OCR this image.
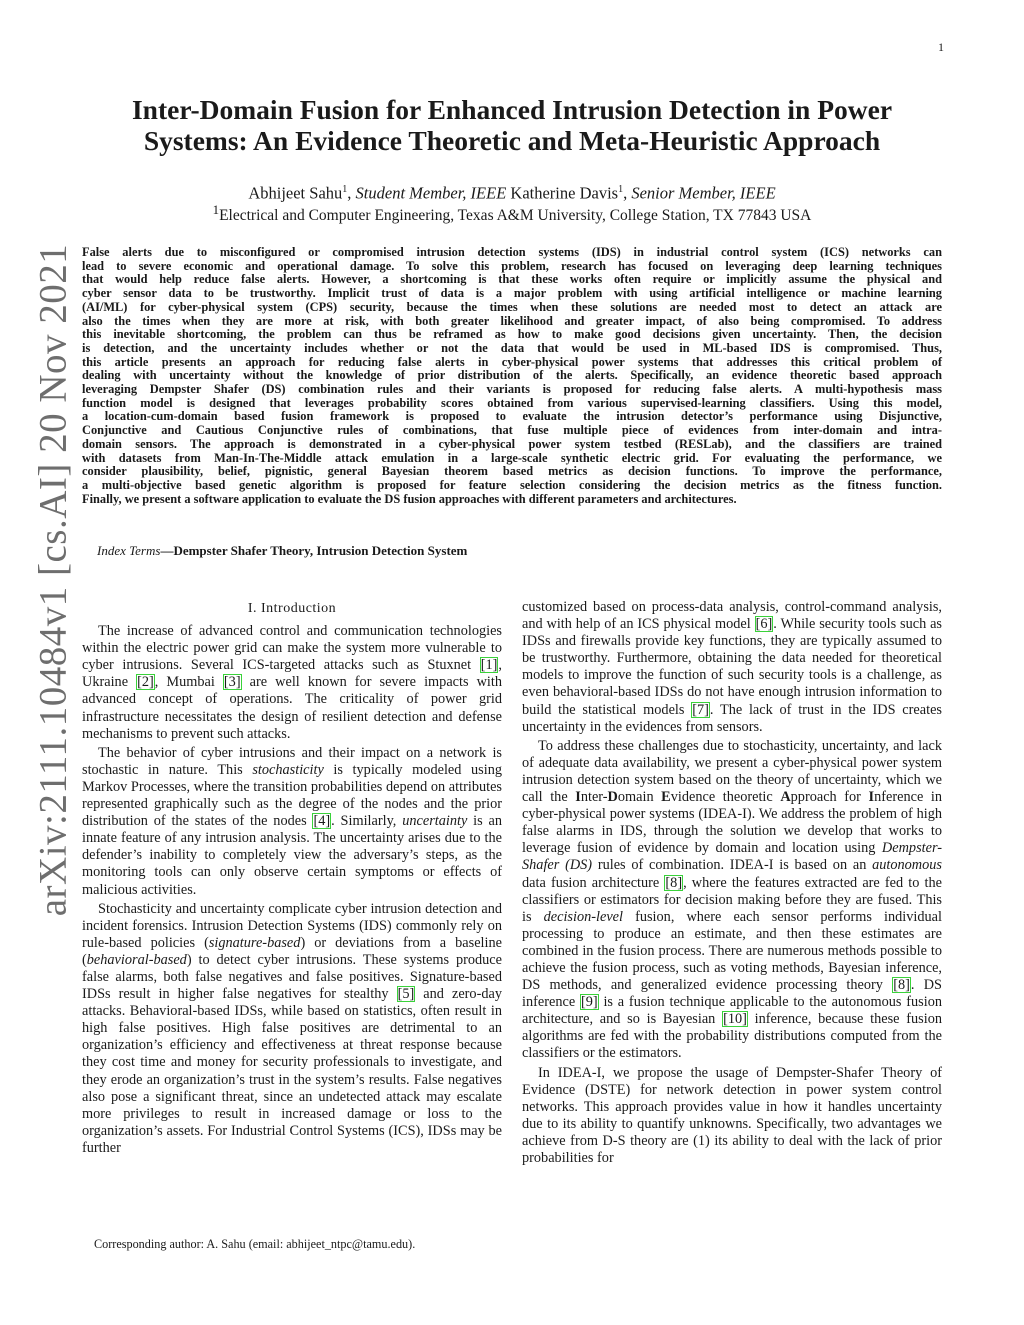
1
arXiv:2111.10484v1 [cs.AI] 20 Nov 2021
Inter-Domain Fusion for Enhanced Intrusion Detection in Power
Systems: An Evidence Theoretic and Meta-Heuristic Approach
Abhijeet Sahu$^1$, Student Member, IEEE Katherine Davis$^1$, Senior Member, IEEE
$^1$Electrical and Computer Engineering, Texas A&M University, College Station, TX 77843 USA
False alerts due to misconfigured or compromised intrusion detection systems (IDS) in industrial control system (ICS) networks can
lead to severe economic and operational damage. To solve this problem, research has focused on leveraging deep learning techniques
that would help reduce false alerts. However, a shortcoming is that these works often require or implicitly assume the physical and
cyber sensor data to be trustworthy. Implicit trust of data is a major problem with using artificial intelligence or machine learning
(AI/ML) for cyber-physical system (CPS) security, because the times when these solutions are needed most to detect an attack are
also the times when they are more at risk, with both greater likelihood and greater impact, of also being compromised. To address
this inevitable shortcoming, the problem can thus be reframed as how to make good decisions given uncertainty. Then, the decision
is detection, and the uncertainty includes whether or not the data that would be used in ML-based IDS is compromised. Thus,
this article presents an approach for reducing false alerts in cyber-physical power systems that addresses this critical problem of
dealing with uncertainty without the knowledge of prior distribution of the alerts. Specifically, an evidence theoretic based approach
leveraging Dempster Shafer (DS) combination rules and their variants is proposed for reducing false alerts. A multi-hypothesis mass
function model is designed that leverages probability scores obtained from various supervised-learning classifiers. Using this model,
a location-cum-domain based fusion framework is proposed to evaluate the intrusion detector’s performance using Disjunctive,
Conjunctive and Cautious Conjunctive rules of combinations, that fuse multiple piece of evidences from inter-domain and intra-
domain sensors. The approach is demonstrated in a cyber-physical power system testbed (RESLab), and the classifiers are trained
with datasets from Man-In-The-Middle attack emulation in a large-scale synthetic electric grid. For evaluating the performance, we
consider plausibility, belief, pignistic, general Bayesian theorem based metrics as decision functions. To improve the performance,
a multi-objective based genetic algorithm is proposed for feature selection considering the decision metrics as the fitness function.
Finally, we present a software application to evaluate the DS fusion approaches with different parameters and architectures.
Index Terms—Dempster Shafer Theory, Intrusion Detection System
I. Introduction

The increase of advanced control and communication technologies within the electric power grid can make the system more vulnerable to cyber intrusions. Several ICS-targeted attacks such as Stuxnet [1], Ukraine [2], Mumbai [3] are well known for severe impacts with advanced concept of operations. The criticality of power grid infrastructure necessitates the design of resilient detection and defense mechanisms to prevent such attacks.

The behavior of cyber intrusions and their impact on a network is stochastic in nature. This stochasticity is typically modeled using Markov Processes, where the transition probabilities depend on attributes represented graphically such as the degree of the nodes and the prior distribution of the states of the nodes [4]. Similarly, uncertainty is an innate feature of any intrusion analysis. The uncertainty arises due to the defender’s inability to completely view the adversary’s steps, as the monitoring tools can only observe certain symptoms or effects of malicious activities.

Stochasticity and uncertainty complicate cyber intrusion detection and incident forensics. Intrusion Detection Systems (IDS) commonly rely on rule-based policies (signature-based) or deviations from a baseline (behavioral-based) to detect cyber intrusions. These systems produce false alarms, both false negatives and false positives. Signature-based IDSs result in higher false negatives for stealthy [5] and zero-day attacks. Behavioral-based IDSs, while based on statistics, often result in high false positives. High false positives are detrimental to an organization’s efficiency and effectiveness at threat response because they cost time and money for security professionals to investigate, and they erode an organization’s trust in the system’s results. False negatives also pose a significant threat, since an undetected attack may escalate more privileges to result in increased damage or loss to the organization’s assets. For Industrial Control Systems (ICS), IDSs may be further

customized based on process-data analysis, control-command analysis, and with help of an ICS physical model [6]. While security tools such as IDSs and firewalls provide key functions, they are typically assumed to be trustworthy. Furthermore, obtaining the data needed for theoretical models to improve the function of such security tools is a challenge, as even behavioral-based IDSs do not have enough intrusion information to build the statistical models [7]. The lack of trust in the IDS creates uncertainty in the evidences from sensors.

To address these challenges due to stochasticity, uncertainty, and lack of adequate data availability, we present a cyber-physical power system intrusion detection system based on the theory of uncertainty, which we call the Inter-Domain Evidence theoretic Approach for Inference in cyber-physical power systems (IDEA-I). We address the problem of high false alarms in IDS, through the solution we develop that works to leverage fusion of evidence by domain and location using Dempster-Shafer (DS) rules of combination. IDEA-I is based on an autonomous data fusion architecture [8], where the features extracted are fed to the classifiers or estimators for decision making before they are fused. This is decision-level fusion, where each sensor performs individual processing to produce an estimate, and then these estimates are combined in the fusion process. There are numerous methods possible to achieve the fusion process, such as voting methods, Bayesian inference, DS methods, and generalized evidence processing theory [8]. DS inference [9] is a fusion technique applicable to the autonomous fusion architecture, and so is Bayesian [10] inference, because these fusion algorithms are fed with the probability distributions computed from the classifiers or the estimators.

In IDEA-I, we propose the usage of Dempster-Shafer Theory of Evidence (DSTE) for network detection in power system control networks. This approach provides value in how it handles uncertainty due to its ability to quantify unknowns. Specifically, two advantages we achieve from D-S theory are (1) its ability to deal with the lack of prior probabilities for

Corresponding author: A. Sahu (email: abhijeet_ntpc@tamu.edu).
